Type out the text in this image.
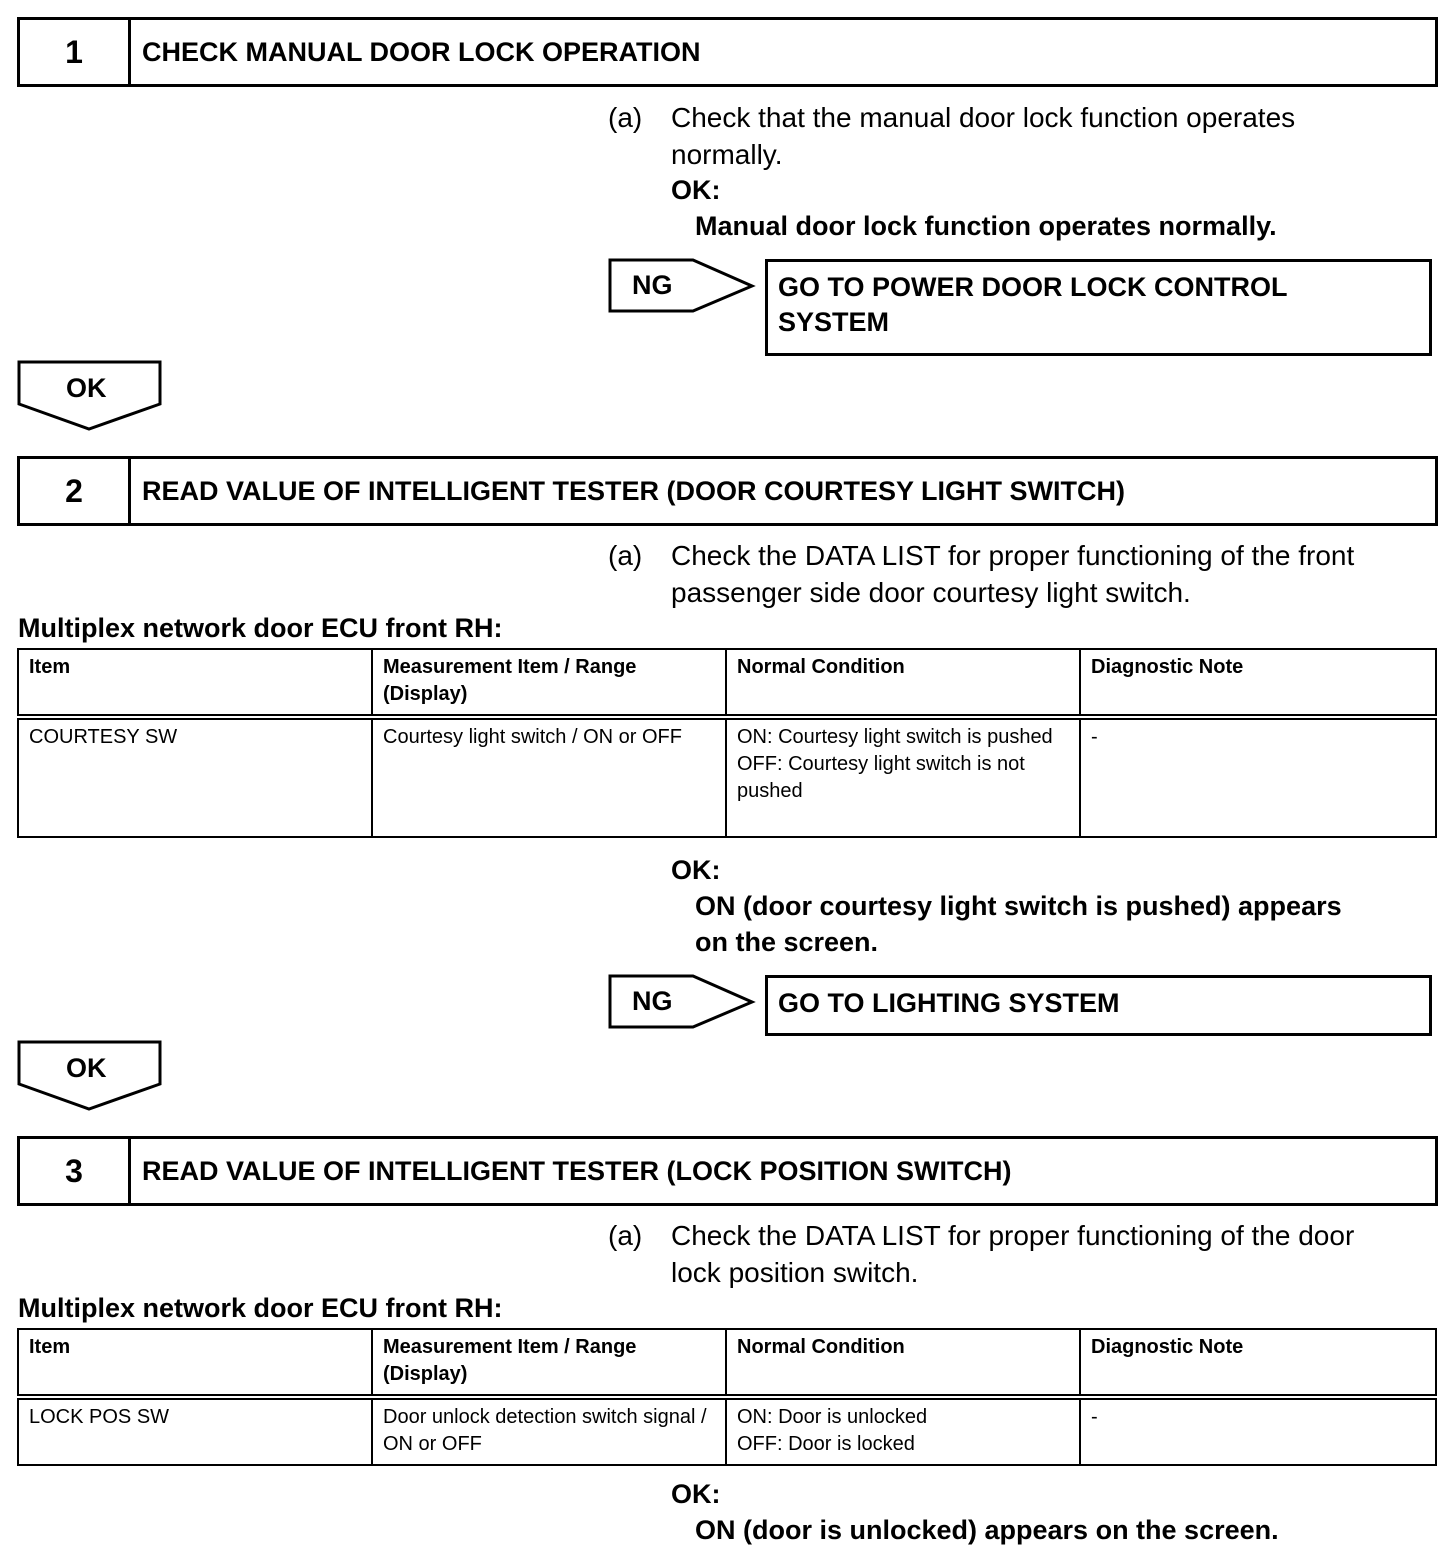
1	CHECK MANUAL DOOR LOCK OPERATION
(a) Check that the manual door lock function operates
normally.
OK:
Manual door lock function operates normally.
NG	GO TO POWER DOOR LOCK CONTROL
SYSTEM
OK
2	READ VALUE OF INTELLIGENT TESTER (DOOR COURTESY LIGHT SWITCH)
(a) Check the DATA LIST for proper functioning of the front
passenger side door courtesy light switch.
Multiplex network door ECU front RH:
Item	Measurement Item / Range (Display)	Normal Condition	Diagnostic Note
COURTESY SW	Courtesy light switch / ON or OFF	ON: Courtesy light switch is pushed
OFF: Courtesy light switch is not pushed	-
OK:
ON (door courtesy light switch is pushed) appears
on the screen.
NG	GO TO LIGHTING SYSTEM
OK
3	READ VALUE OF INTELLIGENT TESTER (LOCK POSITION SWITCH)
(a) Check the DATA LIST for proper functioning of the door
lock position switch.
Multiplex network door ECU front RH:
Item	Measurement Item / Range (Display)	Normal Condition	Diagnostic Note
LOCK POS SW	Door unlock detection switch signal / ON or OFF	ON: Door is unlocked
OFF: Door is locked	-
OK:
ON (door is unlocked) appears on the screen.
